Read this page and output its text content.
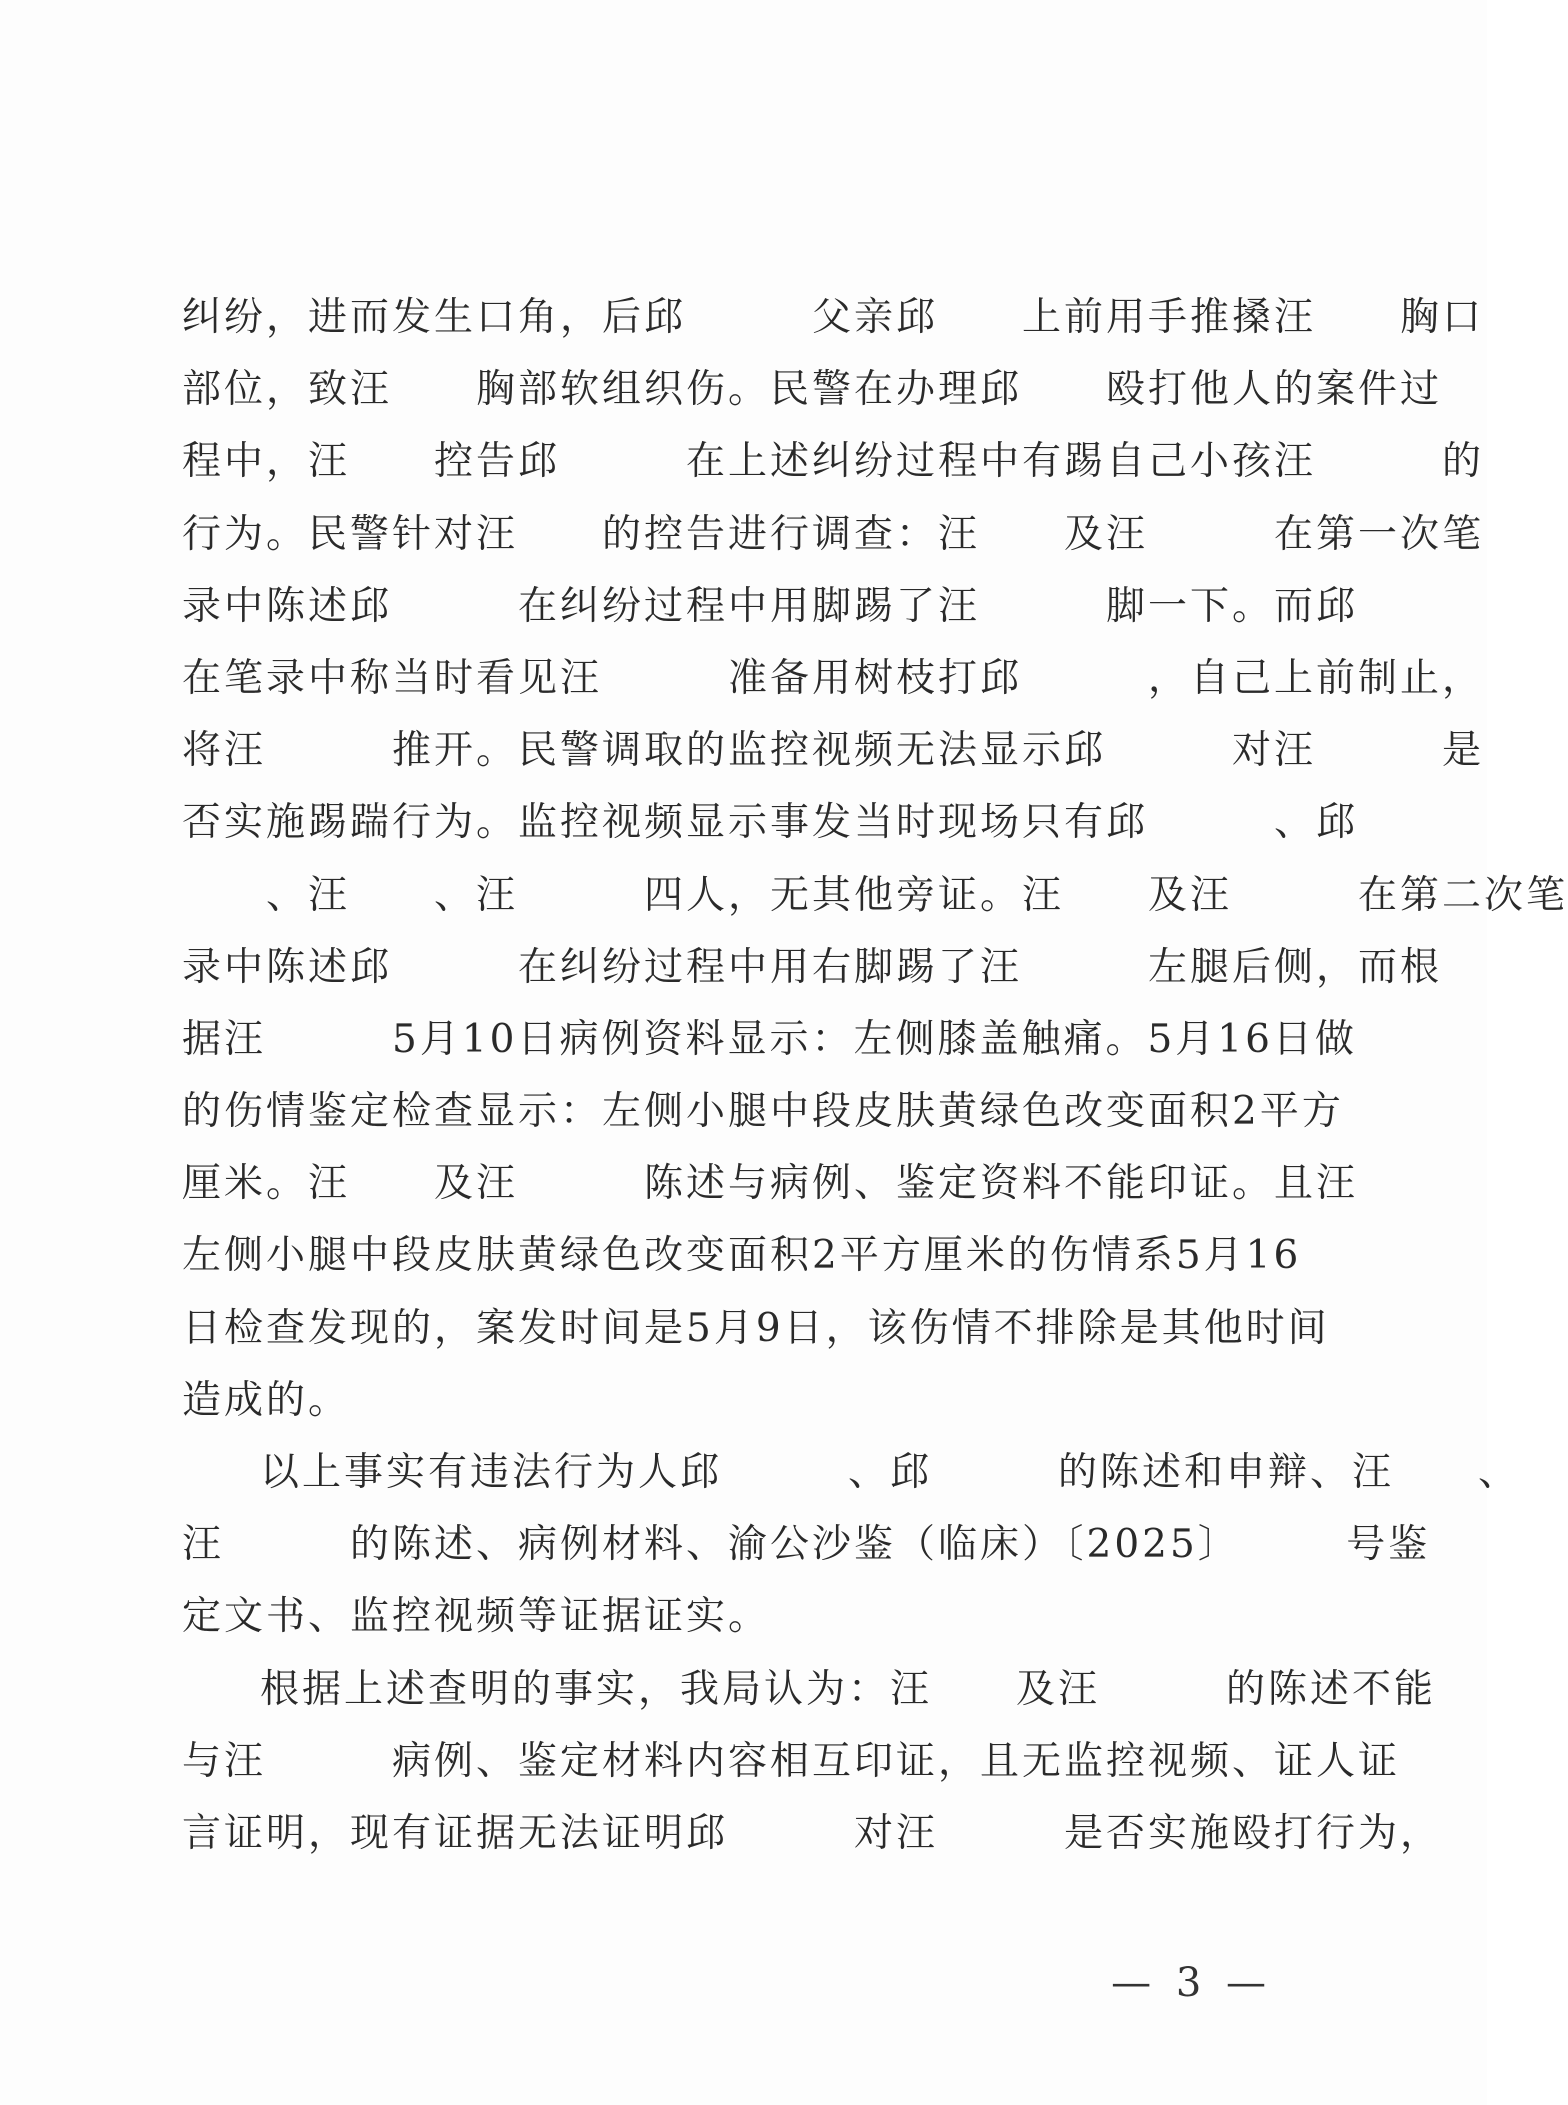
纠纷，进而发生口角，后邱　　　父亲邱　　上前用手推搡汪　　胸口
部位，致汪　　胸部软组织伤。民警在办理邱　　殴打他人的案件过
程中，汪　　控告邱　　　在上述纠纷过程中有踢自己小孩汪　　　的
行为。民警针对汪　　的控告进行调查：汪　　及汪　　　在第一次笔
录中陈述邱　　　在纠纷过程中用脚踢了汪　　　脚一下。而邱
在笔录中称当时看见汪　　　准备用树枝打邱　　　，自己上前制止，
将汪　　　推开。民警调取的监控视频无法显示邱　　　对汪　　　是
否实施踢踹行为。监控视频显示事发当时现场只有邱　　　、邱
　　、汪　　、汪　　　四人，无其他旁证。汪　　及汪　　　在第二次笔
录中陈述邱　　　在纠纷过程中用右脚踢了汪　　　左腿后侧，而根
据汪　　　5月10日病例资料显示：左侧膝盖触痛。5月16日做
的伤情鉴定检查显示：左侧小腿中段皮肤黄绿色改变面积2平方
厘米。汪　　及汪　　　陈述与病例、鉴定资料不能印证。且汪
左侧小腿中段皮肤黄绿色改变面积2平方厘米的伤情系5月16
日检查发现的，案发时间是5月9日，该伤情不排除是其他时间
造成的。
以上事实有违法行为人邱　　　、邱　　　的陈述和申辩、汪　　、
汪　　　的陈述、病例材料、渝公沙鉴（临床）〔2025〕　　　号鉴
定文书、监控视频等证据证实。
根据上述查明的事实，我局认为：汪　　及汪　　　的陈述不能
与汪　　　病例、鉴定材料内容相互印证，且无监控视频、证人证
言证明，现有证据无法证明邱　　　对汪　　　是否实施殴打行为，
— 3 —
